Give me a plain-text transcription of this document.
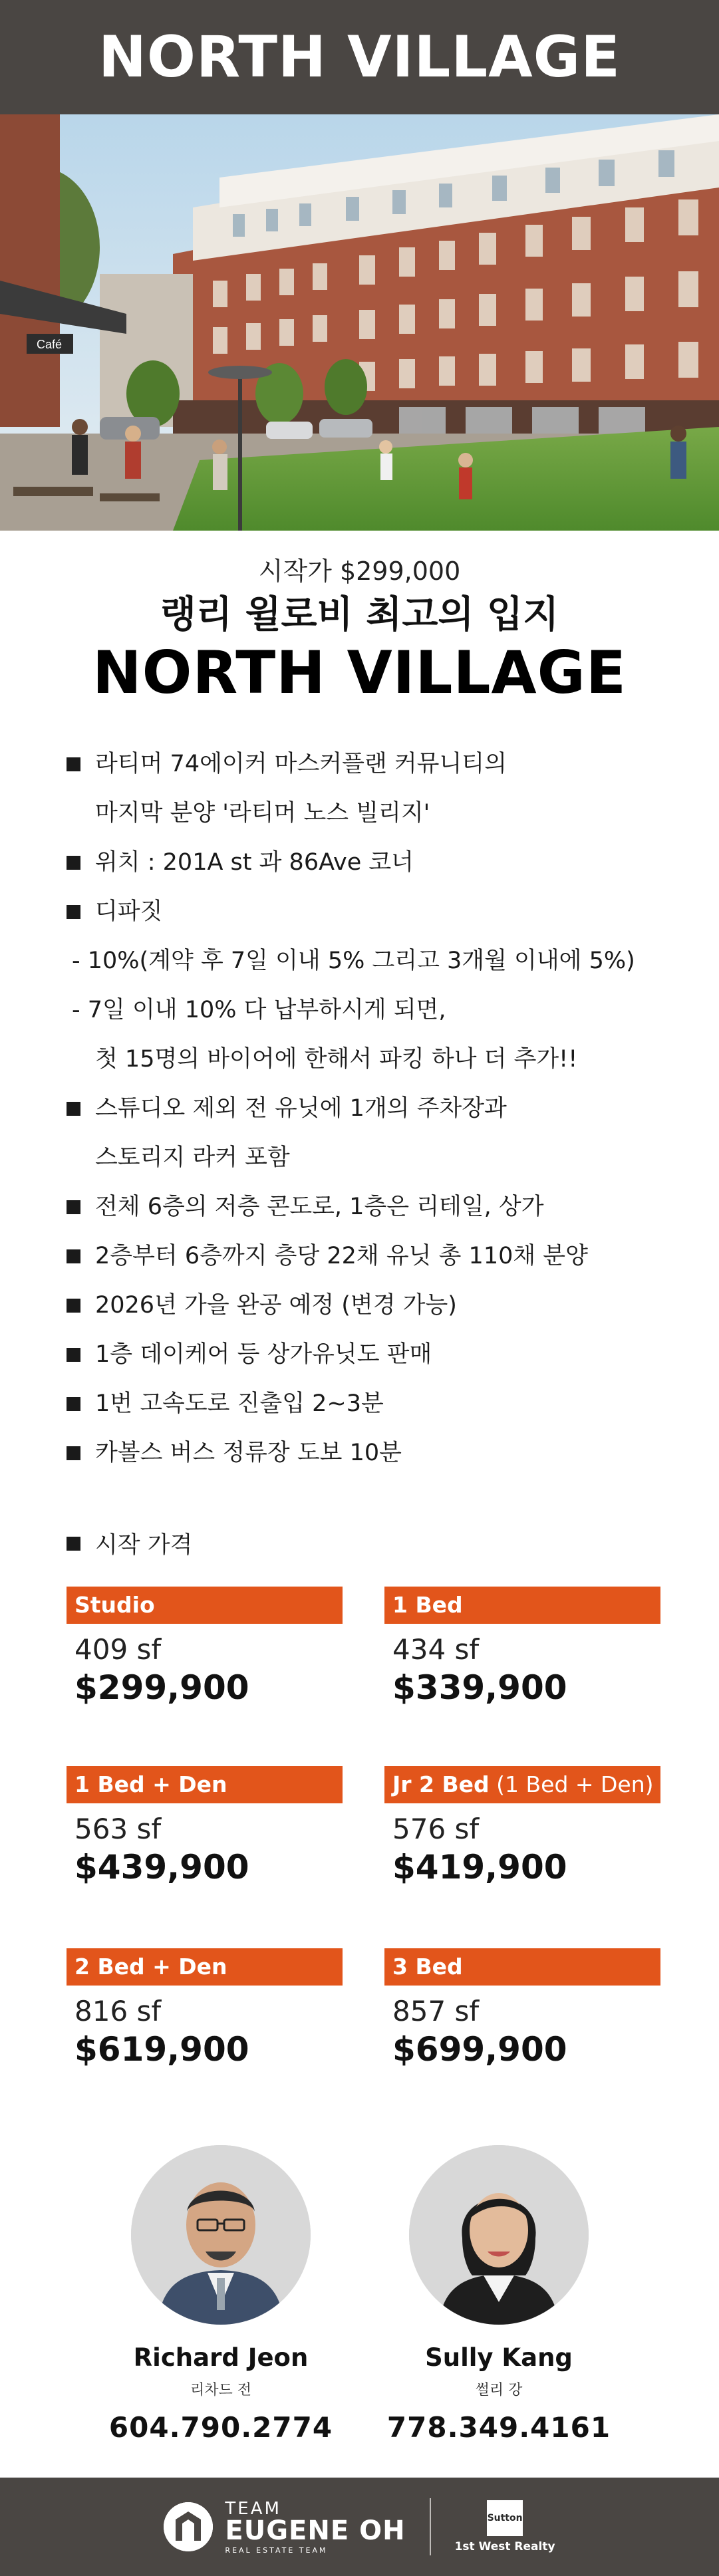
NORTH VILLAGE
Café
시작가 $299,000
랭리 윌로비 최고의 입지
NORTH VILLAGE
라티머 74에이커 마스커플랜 커뮤니티의
마지막 분양 '라티머 노스 빌리지'
위치 : 201A st 과 86Ave 코너
디파짓
- 10%(계약 후 7일 이내 5% 그리고 3개월 이내에 5%)
- 7일 이내 10% 다 납부하시게 되면,
첫 15명의 바이어에 한해서 파킹 하나 더 추가!!
스튜디오 제외 전 유닛에 1개의 주차장과
스토리지 라커 포함
전체 6층의 저층 콘도로, 1층은 리테일, 상가
2층부터 6층까지 층당 22채 유닛 총 110채 분양
2026년 가을 완공 예정 (변경 가능)
1층 데이케어 등 상가유닛도 판매
1번 고속도로 진출입 2~3분
카볼스 버스 정류장 도보 10분
시작 가격
Studio
409 sf
$299,900
1 Bed
434 sf
$339,900
1 Bed + Den
563 sf
$439,900
Jr 2 Bed (1 Bed + Den)
576 sf
$419,900
2 Bed + Den
816 sf
$619,900
3 Bed
857 sf
$699,900
Richard Jeon
리차드 전
604.790.2774
Sully Kang
썰리 강
778.349.4161
TEAM
EUGENE OH
REAL ESTATE TEAM
Sutton
1st West Realty
